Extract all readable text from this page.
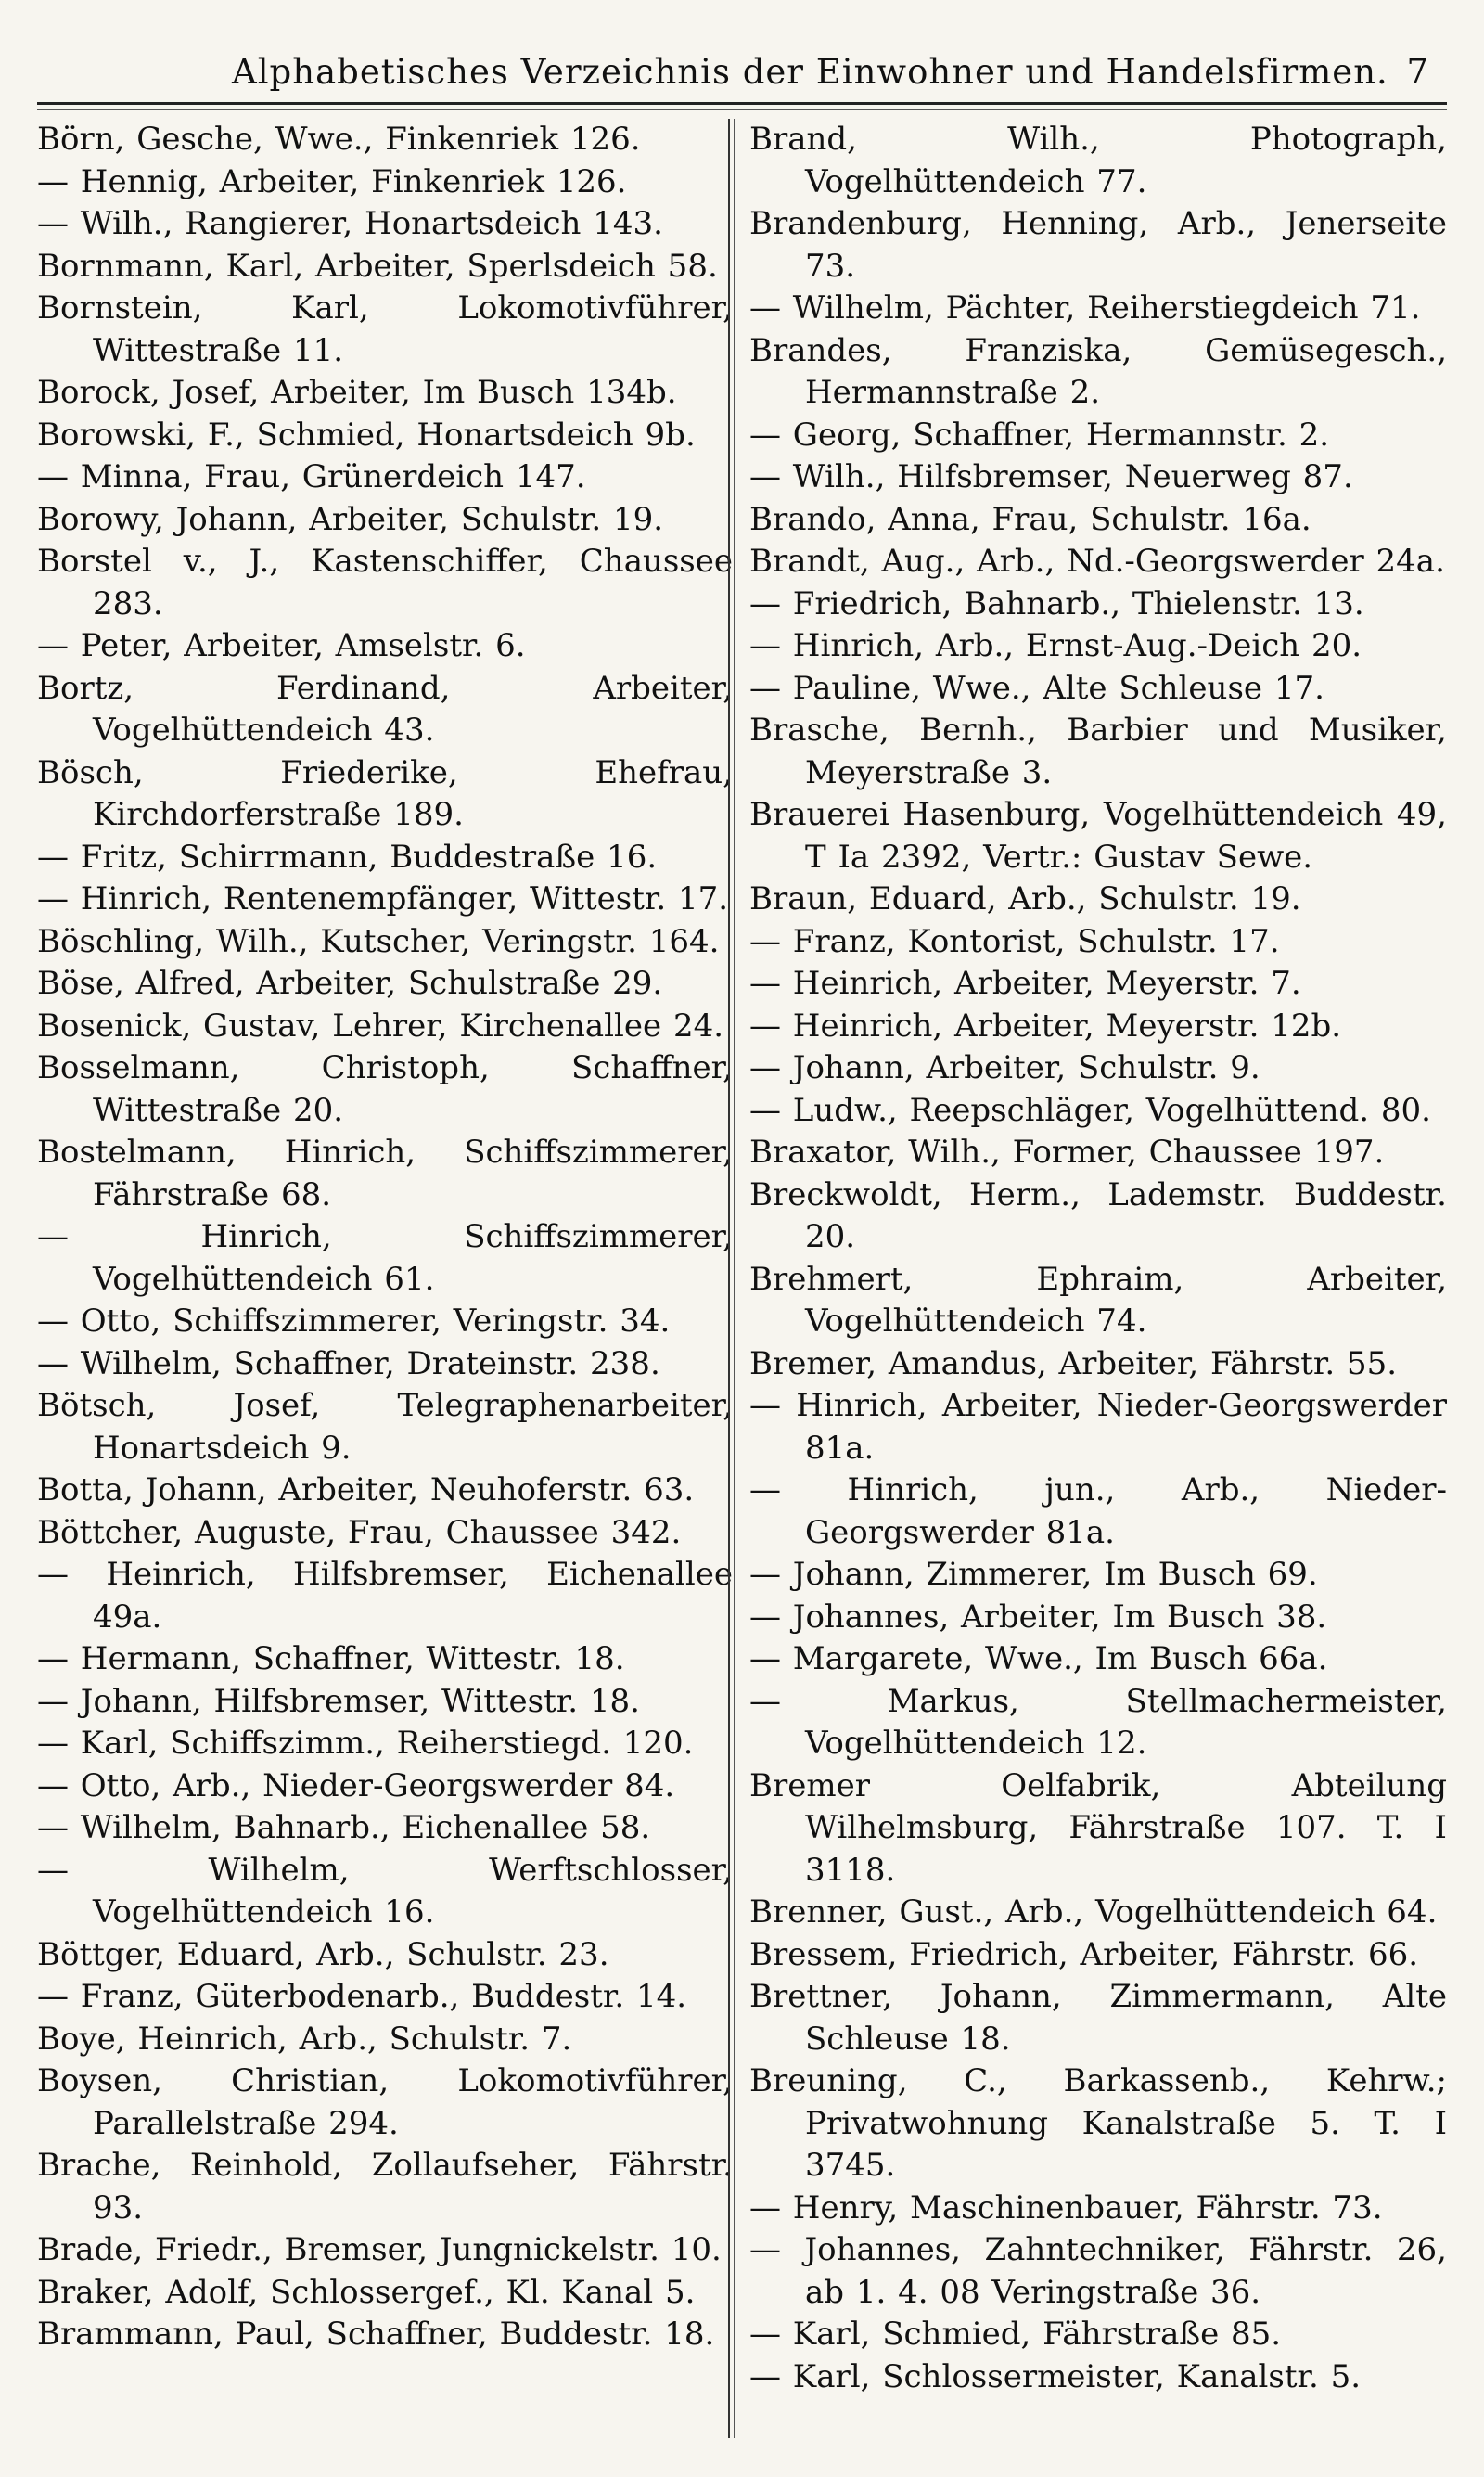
Alphabetisches Verzeichnis der Einwohner und Handelsfirmen. 7
Börn, Gesche, Wwe., Finkenriek 126.
— Hennig, Arbeiter, Finkenriek 126.
— Wilh., Rangierer, Honartsdeich 143.
Bornmann, Karl, Arbeiter, Sperlsdeich 58.
Bornstein, Karl, Lokomotivführer, Wittestraße 11.
Borock, Josef, Arbeiter, Im Busch 134b.
Borowski, F., Schmied, Honartsdeich 9b.
— Minna, Frau, Grünerdeich 147.
Borowy, Johann, Arbeiter, Schulstr. 19.
Borstel v., J., Kastenschiffer, Chaussee 283.
— Peter, Arbeiter, Amselstr. 6.
Bortz, Ferdinand, Arbeiter, Vogelhüttendeich 43.
Bösch, Friederike, Ehefrau, Kirchdorferstraße 189.
— Fritz, Schirrmann, Buddestraße 16.
— Hinrich, Rentenempfänger, Wittestr. 17.
Böschling, Wilh., Kutscher, Veringstr. 164.
Böse, Alfred, Arbeiter, Schulstraße 29.
Bosenick, Gustav, Lehrer, Kirchenallee 24.
Bosselmann, Christoph, Schaffner, Wittestraße 20.
Bostelmann, Hinrich, Schiffszimmerer, Fährstraße 68.
— Hinrich, Schiffszimmerer, Vogelhüttendeich 61.
— Otto, Schiffszimmerer, Veringstr. 34.
— Wilhelm, Schaffner, Drateinstr. 238.
Bötsch, Josef, Telegraphenarbeiter, Honartsdeich 9.
Botta, Johann, Arbeiter, Neuhoferstr. 63.
Böttcher, Auguste, Frau, Chaussee 342.
— Heinrich, Hilfsbremser, Eichenallee 49a.
— Hermann, Schaffner, Wittestr. 18.
— Johann, Hilfsbremser, Wittestr. 18.
— Karl, Schiffszimm., Reiherstiegd. 120.
— Otto, Arb., Nieder-Georgswerder 84.
— Wilhelm, Bahnarb., Eichenallee 58.
— Wilhelm, Werftschlosser, Vogelhüttendeich 16.
Böttger, Eduard, Arb., Schulstr. 23.
— Franz, Güterbodenarb., Buddestr. 14.
Boye, Heinrich, Arb., Schulstr. 7.
Boysen, Christian, Lokomotivführer, Parallelstraße 294.
Brache, Reinhold, Zollaufseher, Fährstr. 93.
Brade, Friedr., Bremser, Jungnickelstr. 10.
Braker, Adolf, Schlossergef., Kl. Kanal 5.
Brammann, Paul, Schaffner, Buddestr. 18.
Brand, Wilh., Photograph, Vogelhüttendeich 77.
Brandenburg, Henning, Arb., Jenerseite 73.
— Wilhelm, Pächter, Reiherstiegdeich 71.
Brandes, Franziska, Gemüsegesch., Hermannstraße 2.
— Georg, Schaffner, Hermannstr. 2.
— Wilh., Hilfsbremser, Neuerweg 87.
Brando, Anna, Frau, Schulstr. 16a.
Brandt, Aug., Arb., Nd.-Georgswerder 24a.
— Friedrich, Bahnarb., Thielenstr. 13.
— Hinrich, Arb., Ernst-Aug.-Deich 20.
— Pauline, Wwe., Alte Schleuse 17.
Brasche, Bernh., Barbier und Musiker, Meyerstraße 3.
Brauerei Hasenburg, Vogelhüttendeich 49, T Ia 2392, Vertr.: Gustav Sewe.
Braun, Eduard, Arb., Schulstr. 19.
— Franz, Kontorist, Schulstr. 17.
— Heinrich, Arbeiter, Meyerstr. 7.
— Heinrich, Arbeiter, Meyerstr. 12b.
— Johann, Arbeiter, Schulstr. 9.
— Ludw., Reepschläger, Vogelhüttend. 80.
Braxator, Wilh., Former, Chaussee 197.
Breckwoldt, Herm., Lademstr. Buddestr. 20.
Brehmert, Ephraim, Arbeiter, Vogelhüttendeich 74.
Bremer, Amandus, Arbeiter, Fährstr. 55.
— Hinrich, Arbeiter, Nieder-Georgswerder 81a.
— Hinrich, jun., Arb., Nieder-Georgswerder 81a.
— Johann, Zimmerer, Im Busch 69.
— Johannes, Arbeiter, Im Busch 38.
— Margarete, Wwe., Im Busch 66a.
— Markus, Stellmachermeister, Vogelhüttendeich 12.
Bremer Oelfabrik, Abteilung Wilhelmsburg, Fährstraße 107. T. I 3118.
Brenner, Gust., Arb., Vogelhüttendeich 64.
Bressem, Friedrich, Arbeiter, Fährstr. 66.
Brettner, Johann, Zimmermann, Alte Schleuse 18.
Breuning, C., Barkassenb., Kehrw.; Privatwohnung Kanalstraße 5. T. I 3745.
— Henry, Maschinenbauer, Fährstr. 73.
— Johannes, Zahntechniker, Fährstr. 26, ab 1. 4. 08 Veringstraße 36.
— Karl, Schmied, Fährstraße 85.
— Karl, Schlossermeister, Kanalstr. 5.
